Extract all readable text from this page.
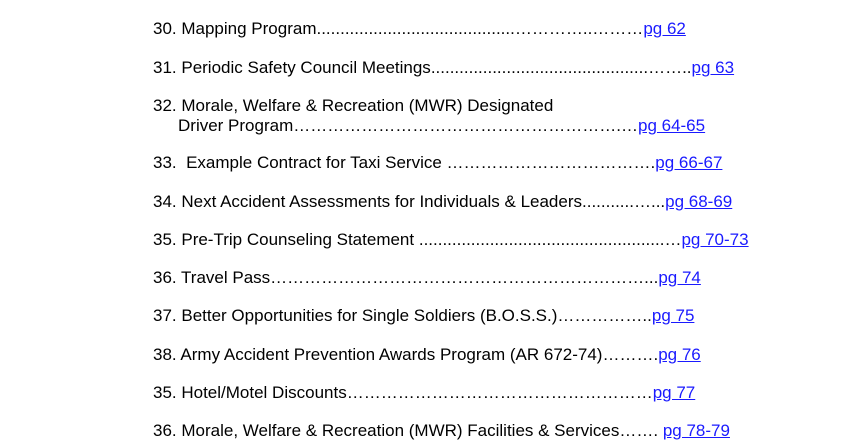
30. Mapping Program..........................................…………..………pg 62
31. Periodic Safety Council Meetings..............................................……..pg 63
32. Morale, Welfare & Recreation (MWR) Designated
Driver Program………………………………………………….…pg 64-65
33.  Example Contract for Taxi Service ……………………………….pg 66-67
34. Next Accident Assessments for Individuals & Leaders...........…...pg 68-69
35. Pre-Trip Counseling Statement ....................................................…pg 70-73
36. Travel Pass…………………………………………………………...pg 74
37. Better Opportunities for Single Soldiers (B.O.S.S.)……………..pg 75
38. Army Accident Prevention Awards Program (AR 672-74)……….pg 76
35. Hotel/Motel Discounts………………………………………………pg 77
36. Morale, Welfare & Recreation (MWR) Facilities & Services……. pg 78-79
